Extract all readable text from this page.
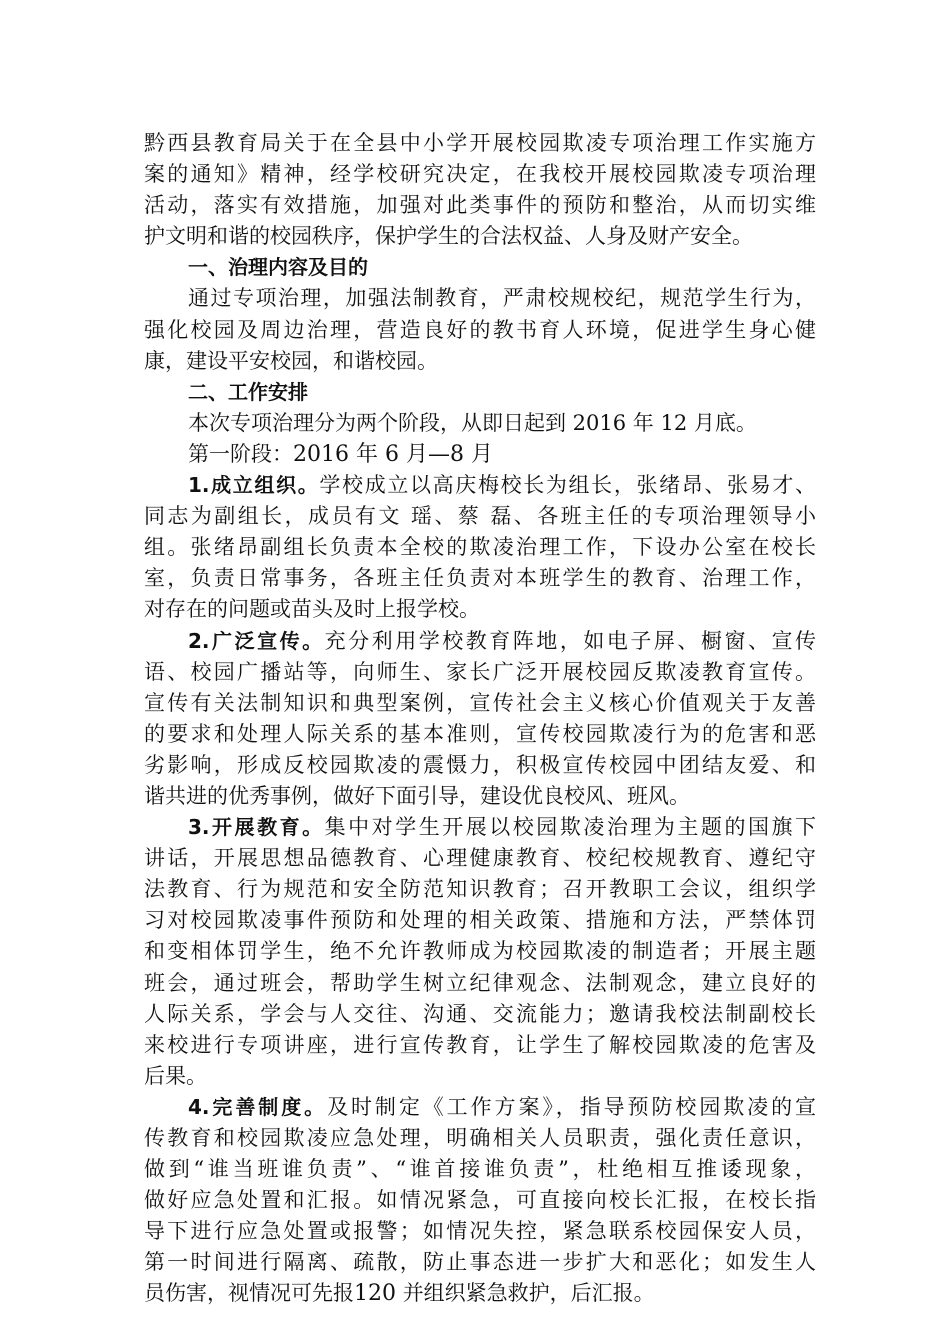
黔西县教育局关于在全县中小学开展校园欺凌专项治理工作实施方
案的通知》精神，经学校研究决定，在我校开展校园欺凌专项治理
活动，落实有效措施，加强对此类事件的预防和整治，从而切实维
护文明和谐的校园秩序，保护学生的合法权益、人身及财产安全。
一、治理内容及目的
通过专项治理，加强法制教育，严肃校规校纪，规范学生行为，
强化校园及周边治理，营造良好的教书育人环境，促进学生身心健
康，建设平安校园，和谐校园。
二、工作安排
本次专项治理分为两个阶段，从即日起到 2016 年 12 月底。
第一阶段：2016 年 6 月—8 月
1.成立组织。学校成立以高庆梅校长为组长，张绪昂、张易才、
同志为副组长，成员有文 瑶、蔡 磊、各班主任的专项治理领导小
组。张绪昂副组长负责本全校的欺凌治理工作，下设办公室在校长
室，负责日常事务，各班主任负责对本班学生的教育、治理工作，
对存在的问题或苗头及时上报学校。
2.广泛宣传。充分利用学校教育阵地，如电子屏、橱窗、宣传
语、校园广播站等，向师生、家长广泛开展校园反欺凌教育宣传。
宣传有关法制知识和典型案例，宣传社会主义核心价值观关于友善
的要求和处理人际关系的基本准则，宣传校园欺凌行为的危害和恶
劣影响，形成反校园欺凌的震慑力，积极宣传校园中团结友爱、和
谐共进的优秀事例，做好下面引导，建设优良校风、班风。
3.开展教育。集中对学生开展以校园欺凌治理为主题的国旗下
讲话，开展思想品德教育、心理健康教育、校纪校规教育、遵纪守
法教育、行为规范和安全防范知识教育；召开教职工会议，组织学
习对校园欺凌事件预防和处理的相关政策、措施和方法，严禁体罚
和变相体罚学生，绝不允许教师成为校园欺凌的制造者；开展主题
班会，通过班会，帮助学生树立纪律观念、法制观念，建立良好的
人际关系，学会与人交往、沟通、交流能力；邀请我校法制副校长
来校进行专项讲座，进行宣传教育，让学生了解校园欺凌的危害及
后果。
4.完善制度。及时制定《工作方案》，指导预防校园欺凌的宣
传教育和校园欺凌应急处理，明确相关人员职责，强化责任意识，
做到“谁当班谁负责”、“谁首接谁负责”，杜绝相互推诿现象，
做好应急处置和汇报。如情况紧急，可直接向校长汇报，在校长指
导下进行应急处置或报警；如情况失控，紧急联系校园保安人员，
第一时间进行隔离、疏散，防止事态进一步扩大和恶化；如发生人
员伤害，视情况可先报120 并组织紧急救护，后汇报。
